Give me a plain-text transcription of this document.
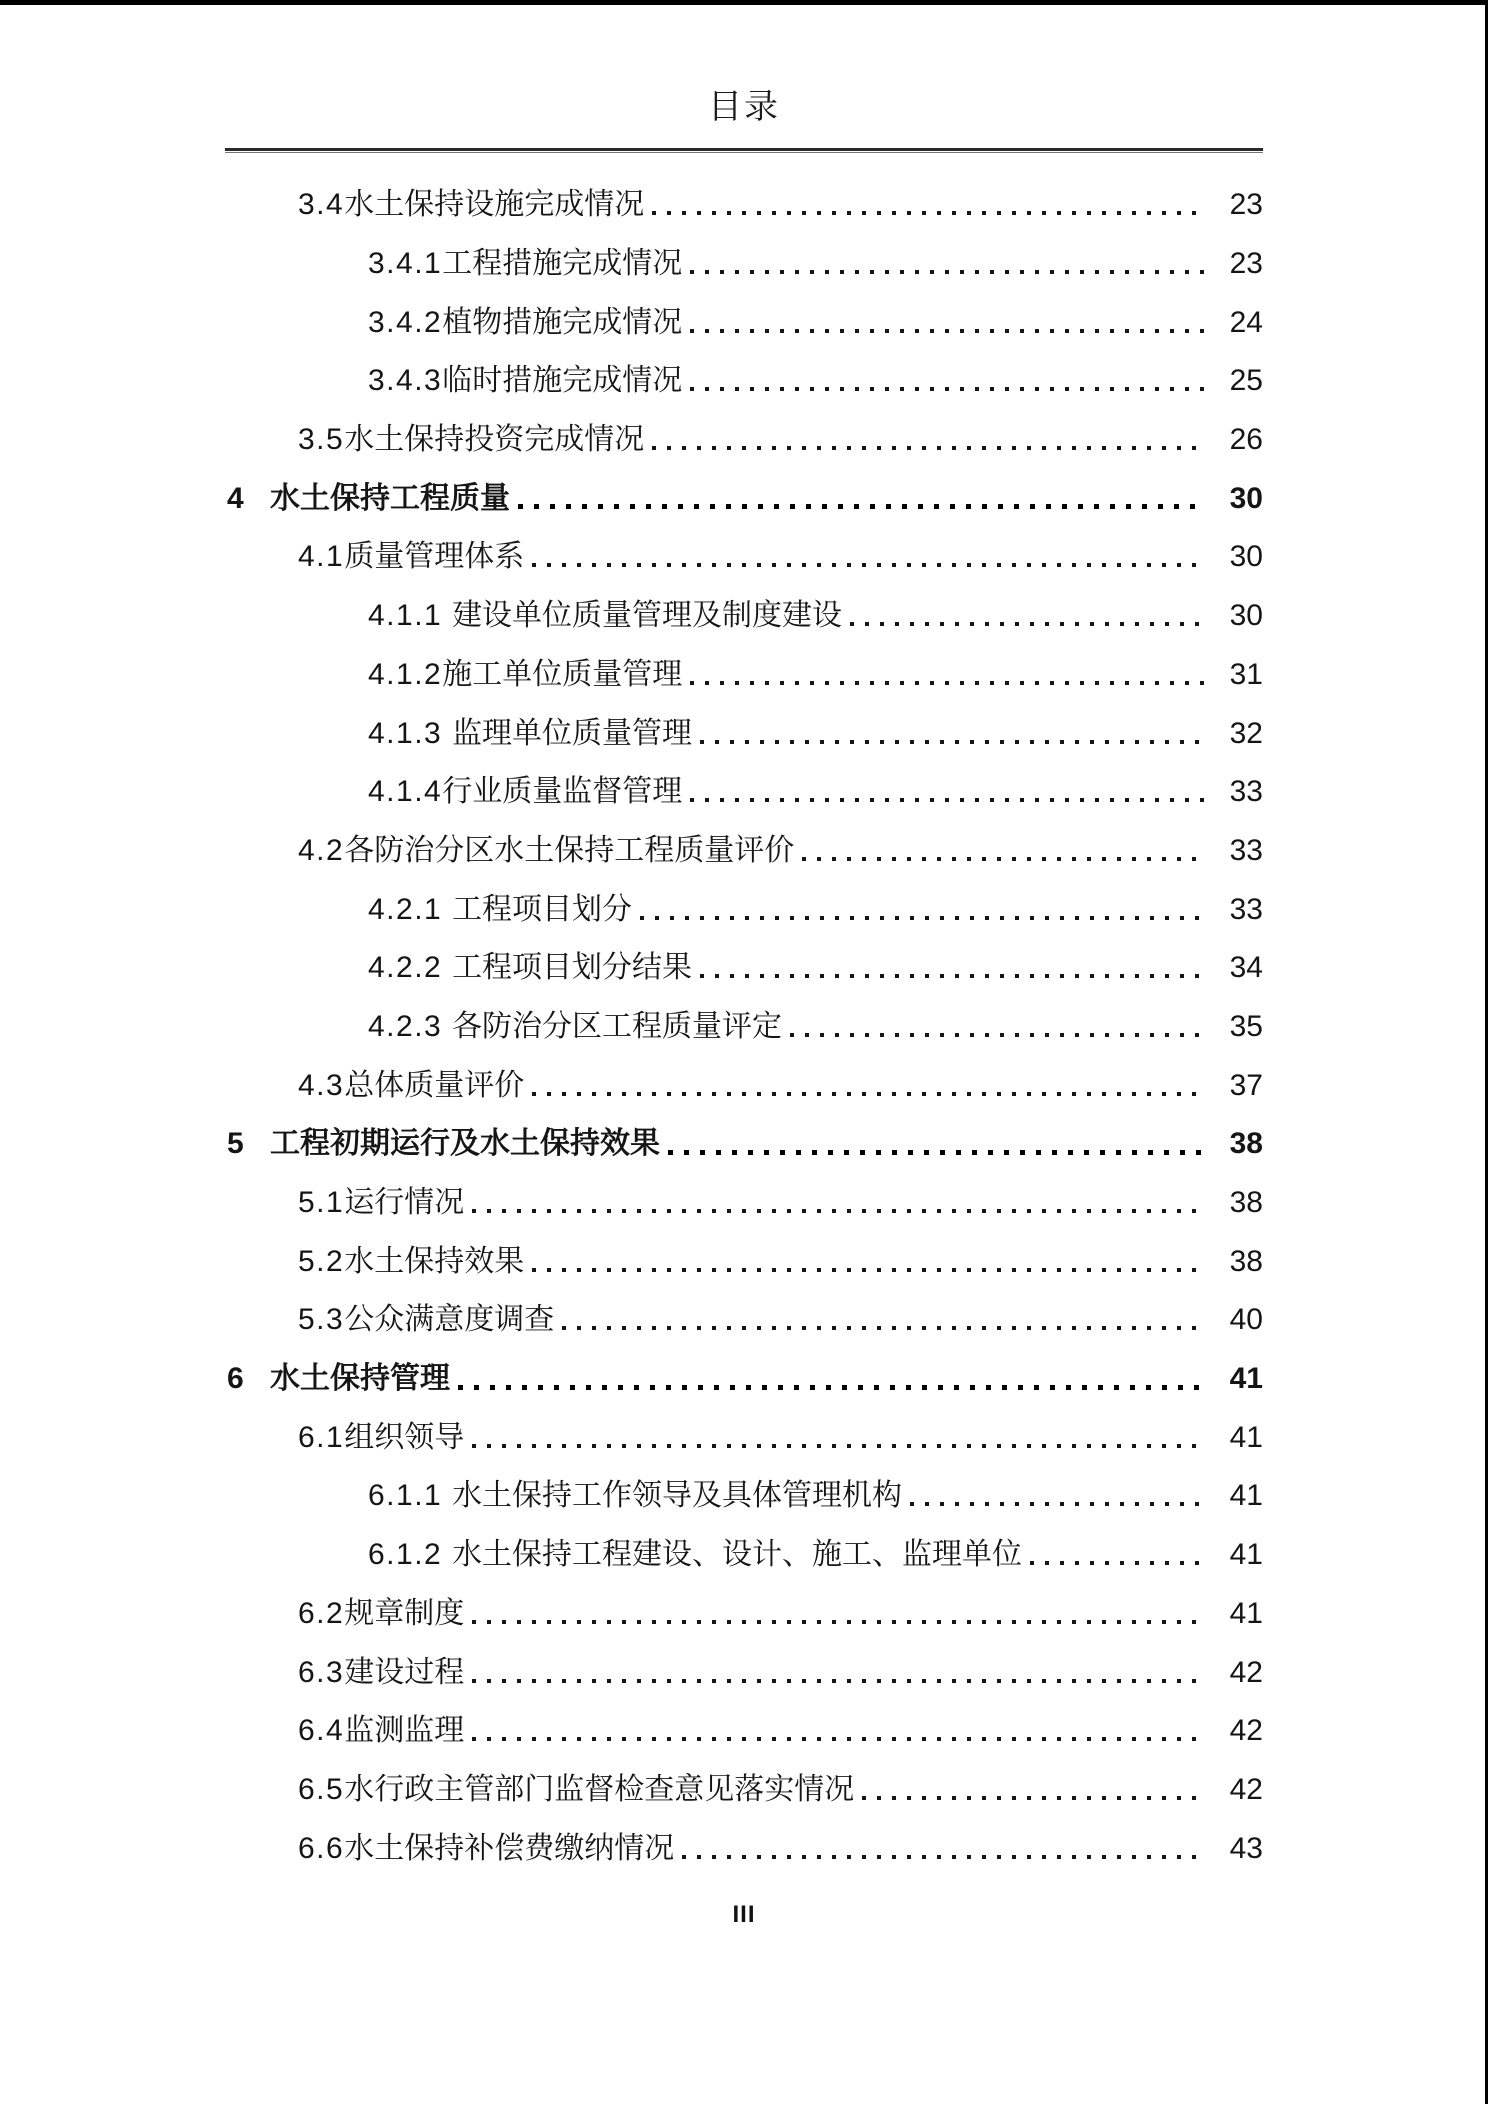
目录
3.4 水土保持设施完成情况	23
3.4.1 工程措施完成情况	23
3.4.2 植物措施完成情况	24
3.4.3 临时措施完成情况	25
3.5 水土保持投资完成情况	26
4 水土保持工程质量	30
4.1 质量管理体系	30
4.1.1 建设单位质量管理及制度建设	30
4.1.2 施工单位质量管理	31
4.1.3 监理单位质量管理	32
4.1.4 行业质量监督管理	33
4.2 各防治分区水土保持工程质量评价	33
4.2.1 工程项目划分	33
4.2.2 工程项目划分结果	34
4.2.3 各防治分区工程质量评定	35
4.3 总体质量评价	37
5 工程初期运行及水土保持效果	38
5.1 运行情况	38
5.2 水土保持效果	38
5.3 公众满意度调查	40
6 水土保持管理	41
6.1 组织领导	41
6.1.1 水土保持工作领导及具体管理机构	41
6.1.2 水土保持工程建设、设计、施工、监理单位	41
6.2 规章制度	41
6.3 建设过程	42
6.4 监测监理	42
6.5 水行政主管部门监督检查意见落实情况	42
6.6 水土保持补偿费缴纳情况	43
III
